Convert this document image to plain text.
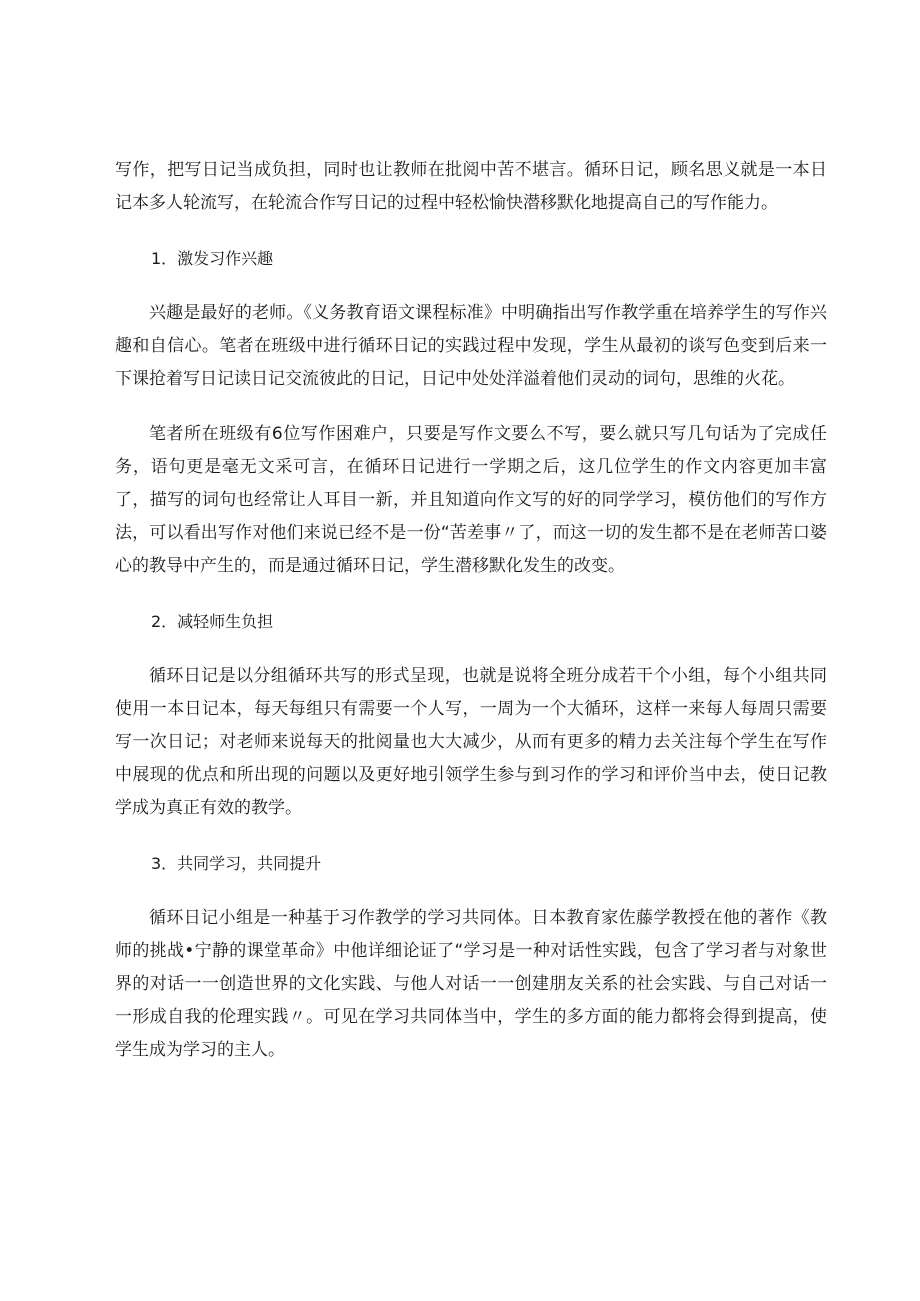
写作，把写日记当成负担，同时也让教师在批阅中苦不堪言。循环日记，顾名思义就是一本日记本多人轮流写，在轮流合作写日记的过程中轻松愉快潜移默化地提高自己的写作能力。

1．激发习作兴趣

兴趣是最好的老师。《义务教育语文课程标准》中明确指出写作教学重在培养学生的写作兴趣和自信心。笔者在班级中进行循环日记的实践过程中发现，学生从最初的谈写色变到后来一下课抢着写日记读日记交流彼此的日记，日记中处处洋溢着他们灵动的词句，思维的火花。

笔者所在班级有6位写作困难户，只要是写作文要么不写，要么就只写几句话为了完成任务，语句更是毫无文采可言，在循环日记进行一学期之后，这几位学生的作文内容更加丰富了，描写的词句也经常让人耳目一新，并且知道向作文写的好的同学学习，模仿他们的写作方法，可以看出写作对他们来说已经不是一份“苦差事〃了，而这一切的发生都不是在老师苦口婆心的教导中产生的，而是通过循环日记，学生潜移默化发生的改变。

2．减轻师生负担

循环日记是以分组循环共写的形式呈现，也就是说将全班分成若干个小组，每个小组共同使用一本日记本，每天每组只有需要一个人写，一周为一个大循环，这样一来每人每周只需要写一次日记；对老师来说每天的批阅量也大大减少，从而有更多的精力去关注每个学生在写作中展现的优点和所出现的问题以及更好地引领学生参与到习作的学习和评价当中去，使日记教学成为真正有效的教学。

3．共同学习，共同提升

循环日记小组是一种基于习作教学的学习共同体。日本教育家佐藤学教授在他的著作《教师的挑战•宁静的课堂革命》中他详细论证了“学习是一种对话性实践，包含了学习者与对象世界的对话一一创造世界的文化实践、与他人对话一一创建朋友关系的社会实践、与自己对话一一形成自我的伦理实践〃。可见在学习共同体当中，学生的多方面的能力都将会得到提高，使学生成为学习的主人。
